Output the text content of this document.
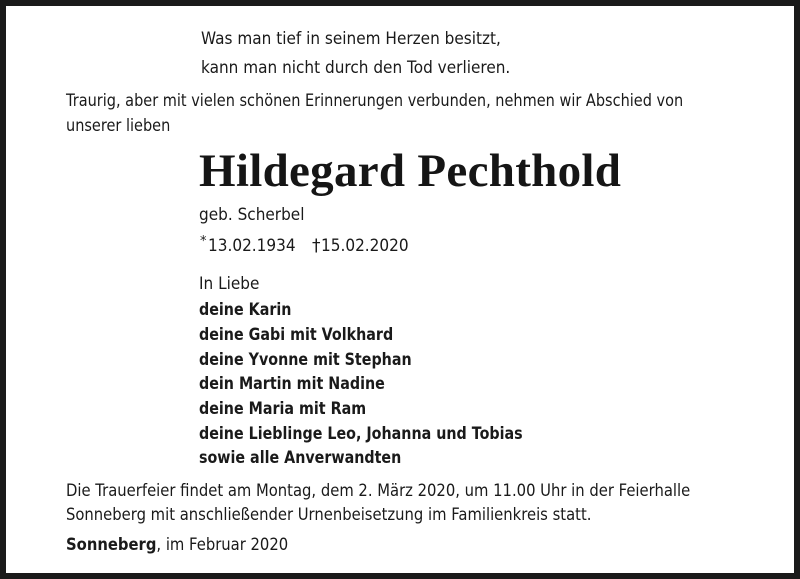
Was man tief in seinem Herzen besitzt,
kann man nicht durch den Tod verlieren.
Traurig, aber mit vielen schönen Erinnerungen verbunden, nehmen wir Abschied von
unserer lieben
Hildegard Pechthold
geb. Scherbel
* 13.02.1934 † 15.02.2020
In Liebe
deine Karin
deine Gabi mit Volkhard
deine Yvonne mit Stephan
dein Martin mit Nadine
deine Maria mit Ram
deine Lieblinge Leo, Johanna und Tobias
sowie alle Anverwandten
Die Trauerfeier findet am Montag, dem 2. März 2020, um 11.00 Uhr in der Feierhalle
Sonneberg mit anschließender Urnenbeisetzung im Familienkreis statt.
Sonneberg, im Februar 2020
